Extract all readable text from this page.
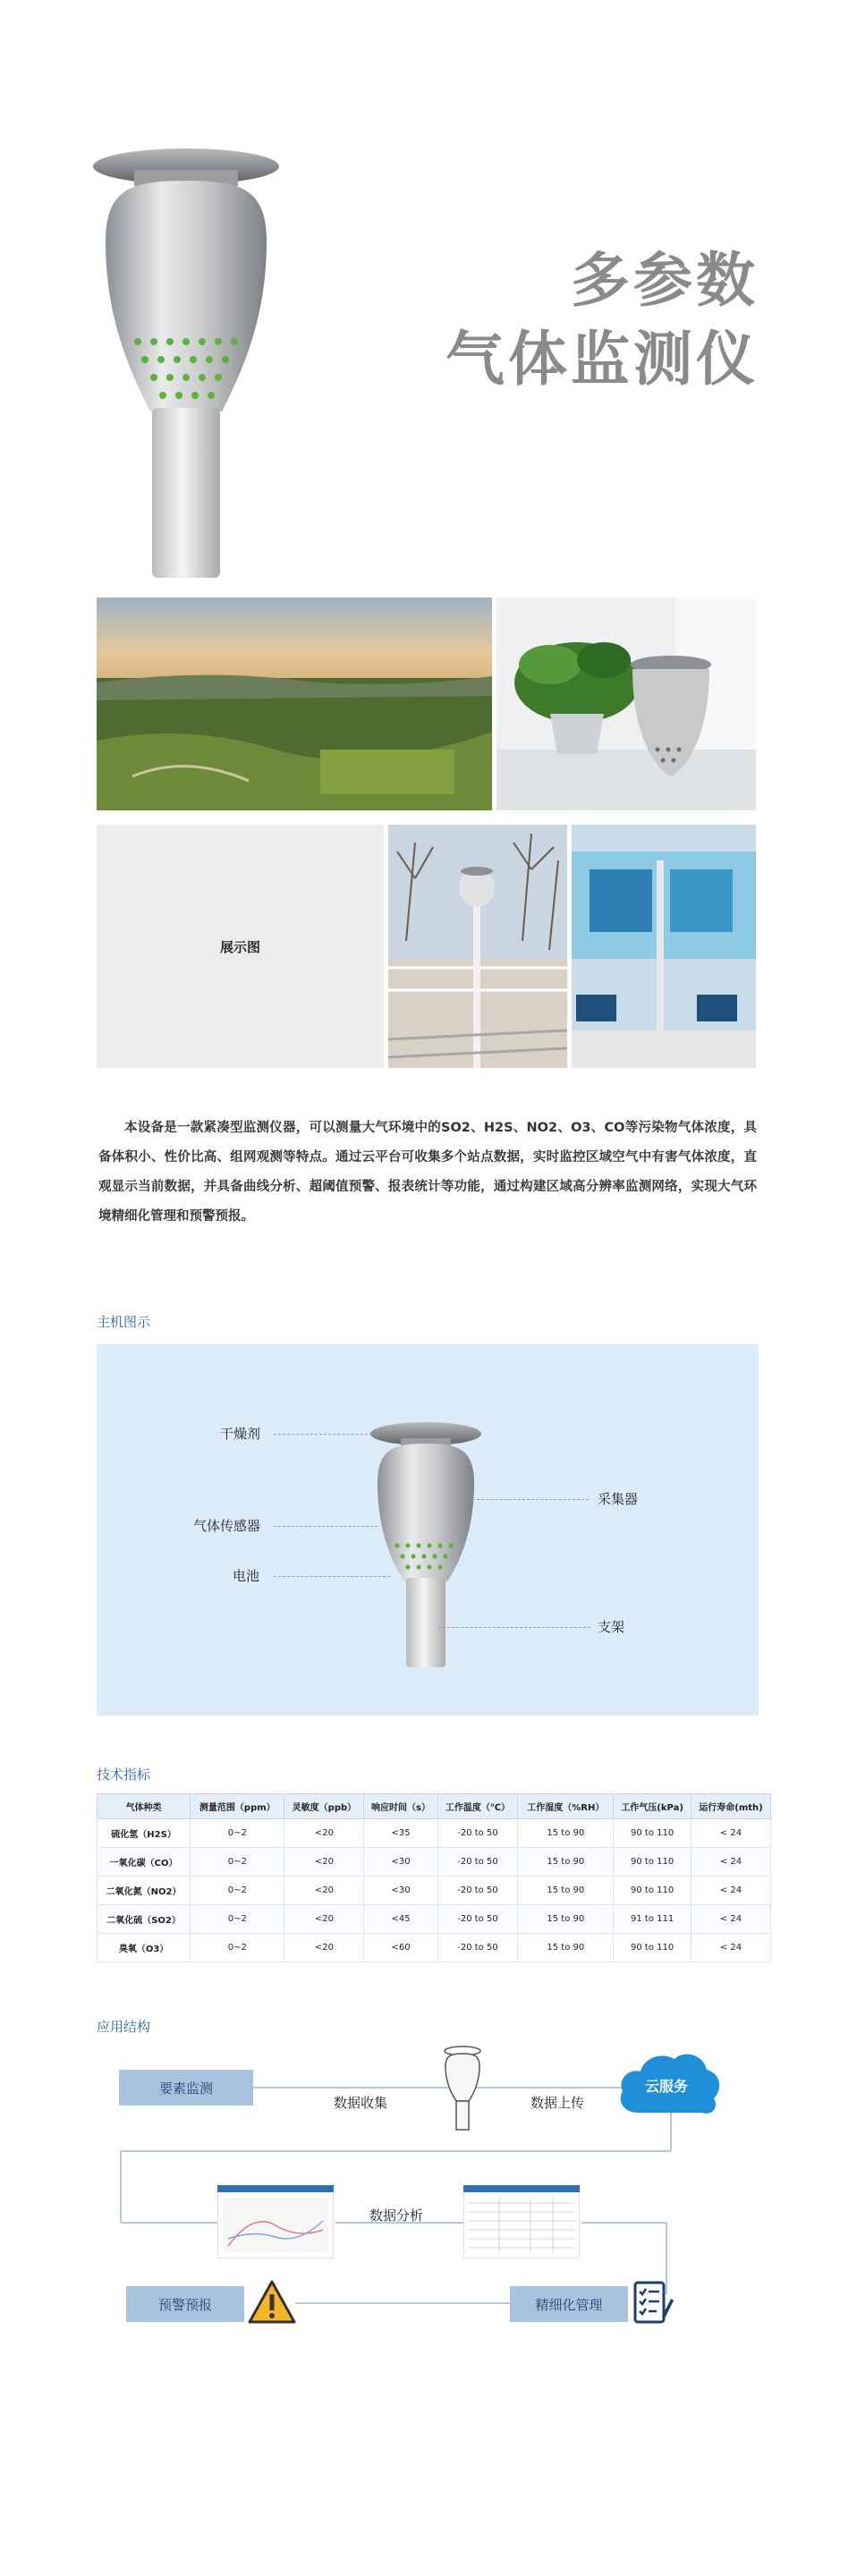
多参数
气体监测仪
展示图

本设备是一款紧凑型监测仪器，可以测量大气环境中的SO2、H2S、NO2、O3、CO等污染物气体浓度，具备体积小、性价比高、组网观测等特点。通过云平台可收集多个站点数据，实时监控区域空气中有害气体浓度，直观显示当前数据，并具备曲线分析、超阈值预警、报表统计等功能，通过构建区域高分辨率监测网络，实现大气环境精细化管理和预警预报。

主机图示
干燥剂
气体传感器
电池
采集器
支架
技术指标
气体种类	测量范围（ppm）	灵敏度（ppb）	响应时间（s）	工作温度（℃）	工作湿度（%RH）	工作气压(kPa)	运行寿命(mth)
硫化氢（H2S）	0~2	<20	<35	-20 to 50	15 to 90	90 to 110	< 24
一氧化碳（CO）	0~2	<20	<30	-20 to 50	15 to 90	90 to 110	< 24
二氧化氮（NO2）	0~2	<20	<30	-20 to 50	15 to 90	90 to 110	< 24
二氧化硫（SO2）	0~2	<20	<45	-20 to 50	15 to 90	91 to 111	< 24
臭氧（O3）	0~2	<20	<60	-20 to 50	15 to 90	90 to 110	< 24
应用结构
要素监测
数据收集	数据上传
云服务
数据分析
预警预报	精细化管理
